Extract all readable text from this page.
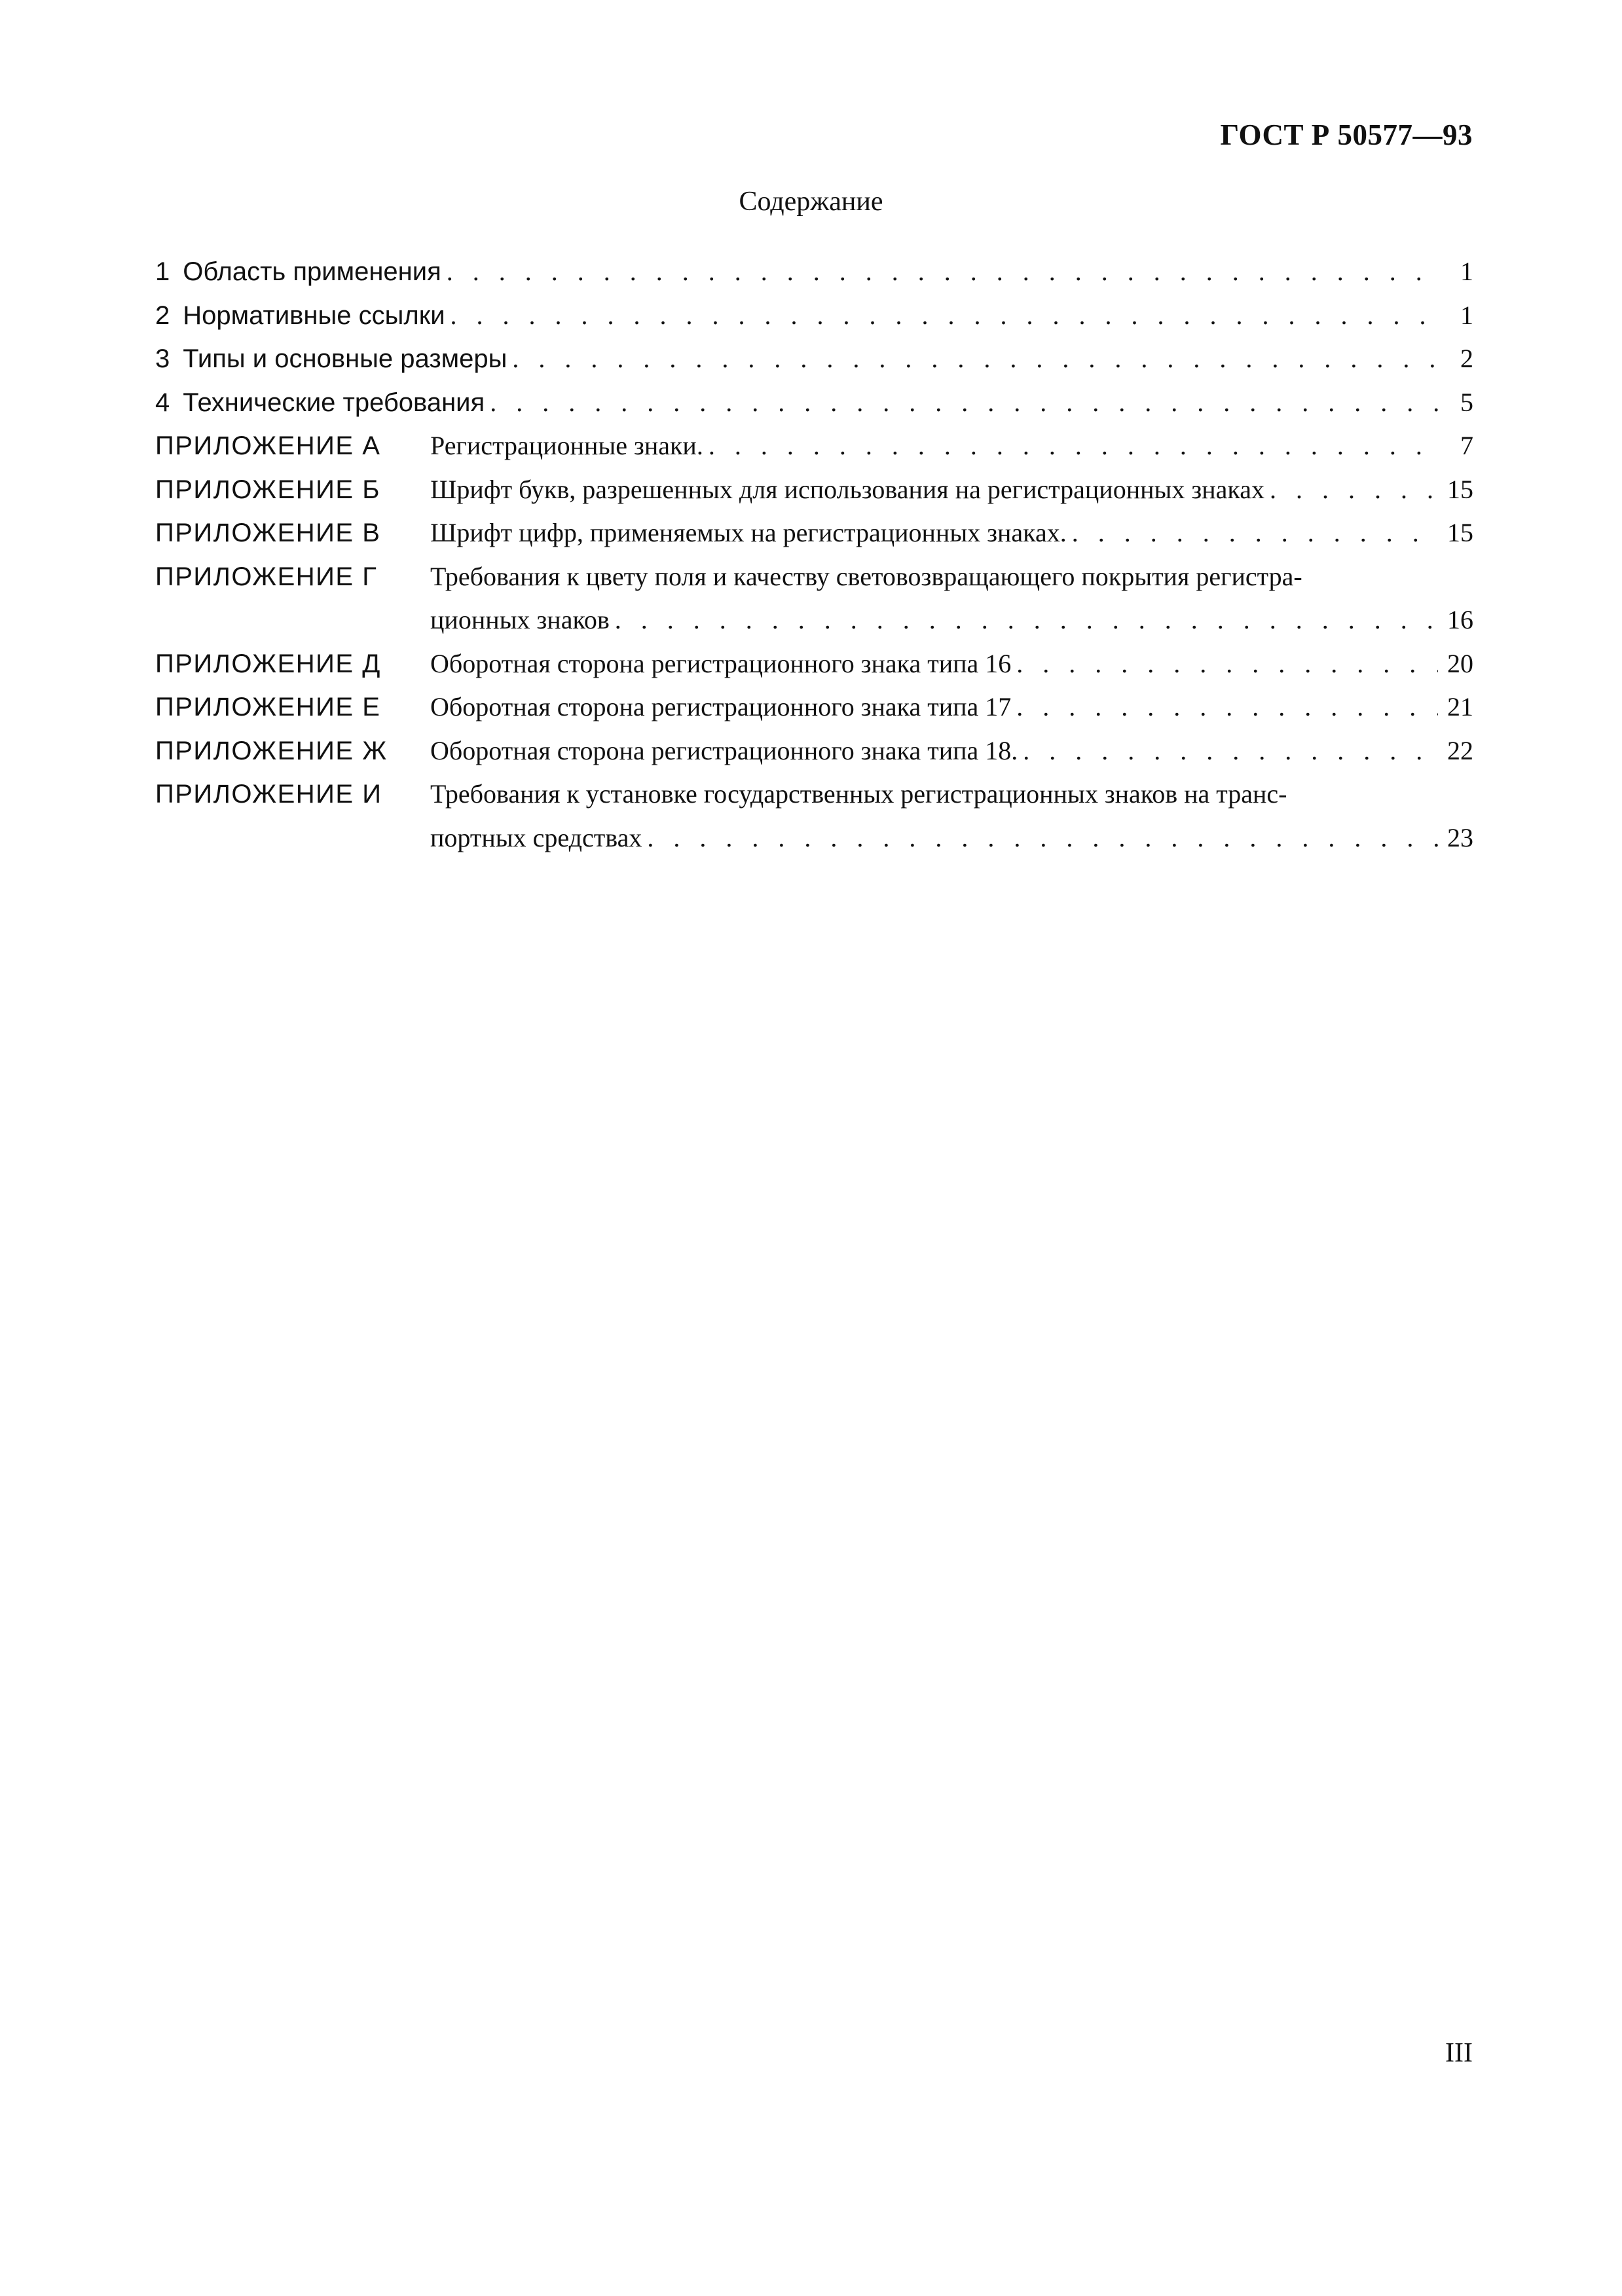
ГОСТ Р 50577—93
Содержание
1 Область применения . . .	1
2 Нормативные ссылки . . .	1
3 Типы и основные размеры . . .	2
4 Технические требования . . .	5
ПРИЛОЖЕНИЕ А	Регистрационные знаки. . . .	7
ПРИЛОЖЕНИЕ Б	Шрифт букв, разрешенных для использования на регистрационных знаках . . .	15
ПРИЛОЖЕНИЕ В	Шрифт цифр, применяемых на регистрационных знаках. . . .	15
ПРИЛОЖЕНИЕ Г	Требования к цвету поля и качеству световозвращающего покрытия регистра-
ционных знаков . . .	16
ПРИЛОЖЕНИЕ Д	Оборотная сторона регистрационного знака типа 16 . . .	20
ПРИЛОЖЕНИЕ Е	Оборотная сторона регистрационного знака типа 17 . . .	21
ПРИЛОЖЕНИЕ Ж	Оборотная сторона регистрационного знака типа 18. . . .	22
ПРИЛОЖЕНИЕ И	Требования к установке государственных регистрационных знаков на транс-
портных средствах . . .	23
III
